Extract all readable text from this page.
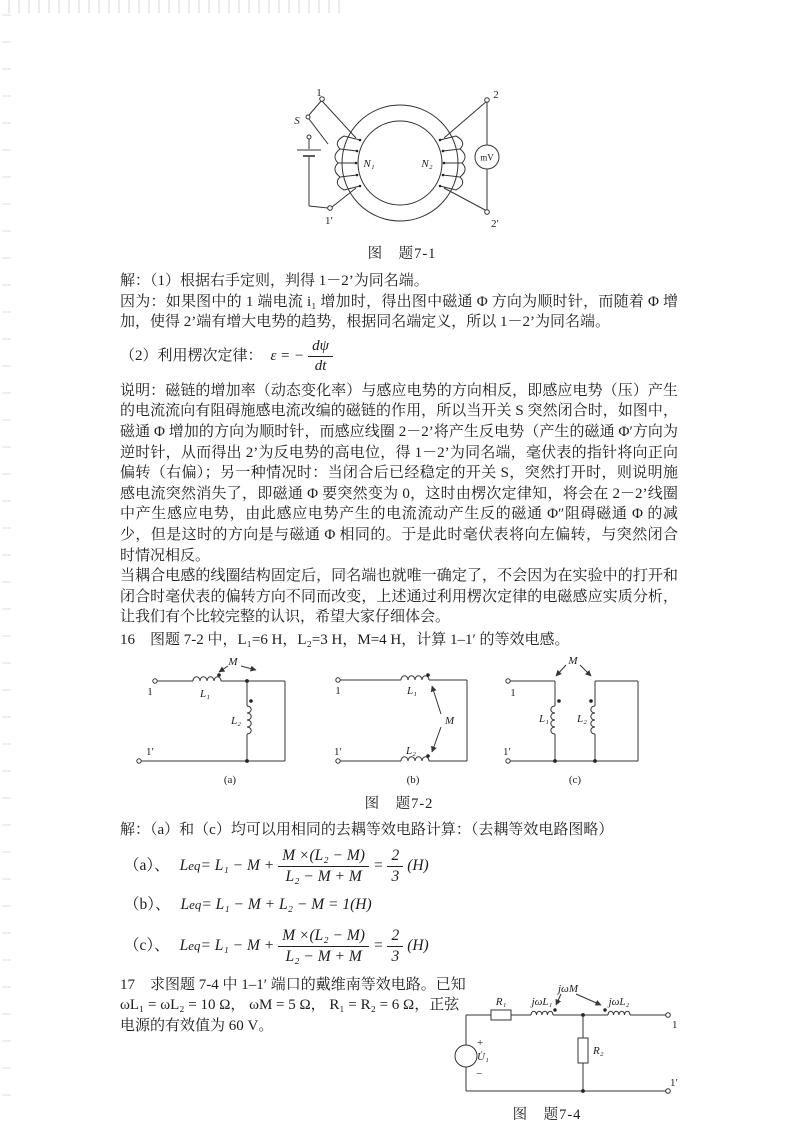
mV
1
S
1′
2
2′
N₁	N₂
图　题7-1

解：（1）根据右手定则，判得 1－2’为同名端。

因为：如果图中的 1 端电流 i₁ 增加时，得出图中磁通 Φ 方向为顺时针，而随着 Φ 增加，使得 2’端有增大电势的趋势，根据同名端定义，所以 1－2’为同名端。

（2）利用楞次定律： ε = − $\frac{d\psi}{dt}$

说明：磁链的增加率（动态变化率）与感应电势的方向相反，即感应电势（压）产生的电流流向有阻碍施感电流改编的磁链的作用，所以当开关 S 突然闭合时，如图中，磁通 Φ 增加的方向为顺时针，而感应线圈 2－2’将产生反电势（产生的磁通 Φ′方向为逆时针，从而得出 2’为反电势的高电位，得 1－2’为同名端，毫伏表的指针将向正向偏转（右偏）；另一种情况时：当闭合后已经稳定的开关 S，突然打开时，则说明施感电流突然消失了，即磁通 Φ 要突然变为 0，这时由楞次定律知，将会在 2－2’线圈中产生感应电势，由此感应电势产生的电流流动产生反的磁通 Φ″阻碍磁通 Φ 的减少，但是这时的方向是与磁通 Φ 相同的。于是此时毫伏表将向左偏转，与突然闭合时情况相反。

当耦合电感的线圈结构固定后，同名端也就唯一确定了，不会因为在实验中的打开和闭合时毫伏表的偏转方向不同而改变，上述通过利用楞次定律的电磁感应实质分析，让我们有个比较完整的认识，希望大家仔细体会。

16　图题 7-2 中，L₁=6 H，L₂=3 H，M=4 H，计算 1–1′ 的等效电感。

M
1	L₁
L₂
1′
(a)
M
1
1′
L₁
L₂
(b)
M
1
1′
L₁	L₂
(c)
图　题7-2

解：（a）和（c）均可以用相同的去耦等效电路计算：（去耦等效电路图略）

（a）、 L eq = $L_1 - M + \frac{\text{M ×(L₂ − M)}}{\text{L₂ − M + M}} = \frac{2}{3} (H)$
（b）、 L eq = L₁ − M + L₂ − M = 1(H)
（c）、 L eq = $L_1 - M + \frac{\text{M ×(L₂ − M)}}{\text{L₂ − M + M}} = \frac{2}{3} (H)$
17　求图题 7-4 中 1–1′ 端口的戴维南等效电路。已知
ωL₁ = ωL₂ = 10 Ω， ωM = 5 Ω， R₁ = R₂ = 6 Ω，正弦
电源的有效值为 60 V。
jωM
R₁ jωL₁	jωL₂
R₂
+
U̇₁
−
1
1′
图　题7-4
